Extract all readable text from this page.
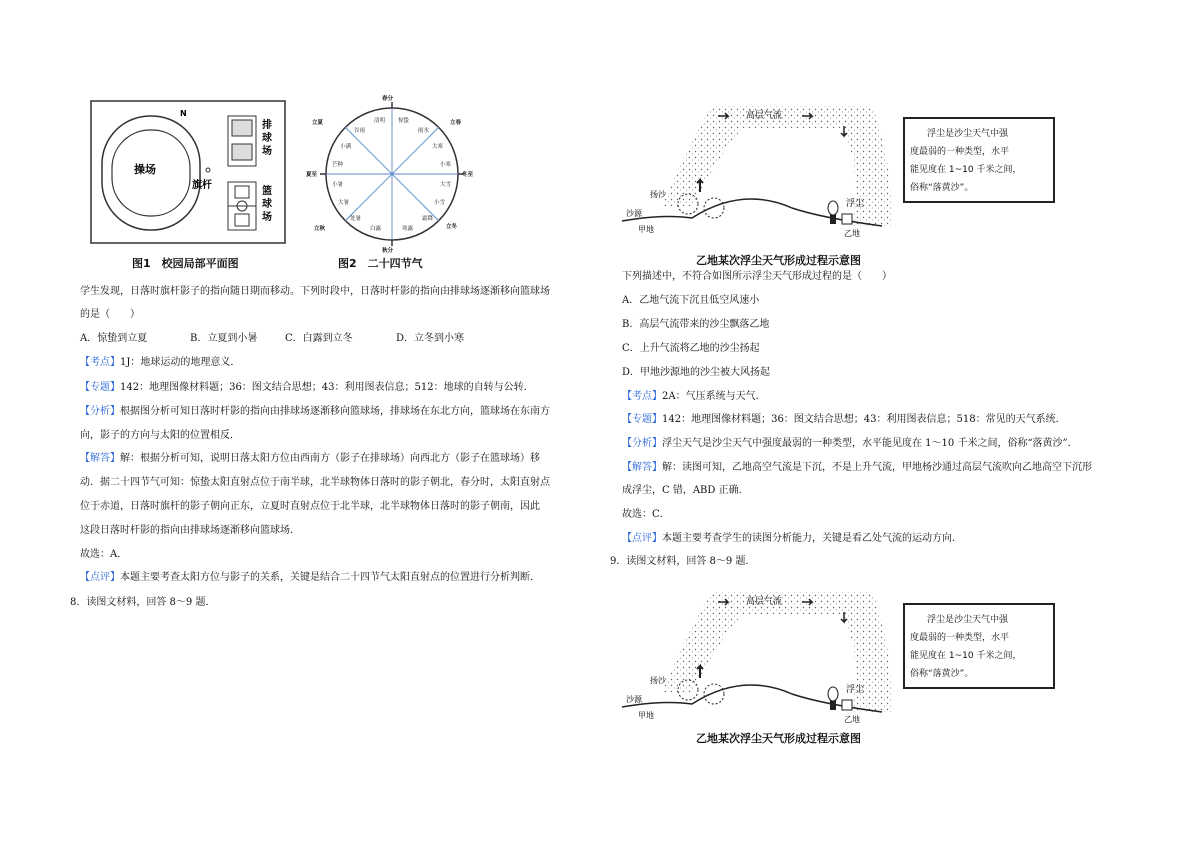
操场
N
旗杆
排球场
篮球场
图1　校园局部平面图
春分
立夏
夏至
立秋
秋分
立冬
冬至
立春
清明
谷雨
小满
芒种
小暑
大暑
处暑
白露	寒露
霜降
小雪
大雪
小寒
大寒
雨水
惊蛰
图2　二十四节气
学生发现，日落时旗杆影子的指向随日期而移动。下列时段中，日落时杆影的指向由排球场逐渐移向篮球场
的是（　　）
A．惊蛰到立夏	B．立夏到小暑	C．白露到立冬	D．立冬到小寒
【考点】1J：地球运动的地理意义．
【专题】142：地理图像材料题；36：图文结合思想；43：利用图表信息；512：地球的自转与公转．
【分析】根据图分析可知日落时杆影的指向由排球场逐渐移向篮球场，排球场在东北方向，篮球场在东南方
向，影子的方向与太阳的位置相反．
【解答】解：根据分析可知，说明日落太阳方位由西南方（影子在排球场）向西北方（影子在篮球场）移
动．据二十四节气可知：惊蛰太阳直射点位于南半球，北半球物体日落时的影子朝北，春分时，太阳直射点
位于赤道，日落时旗杆的影子朝向正东，立夏时直射点位于北半球，北半球物体日落时的影子朝南，因此
这段日落时杆影的指向由排球场逐渐移向篮球场．
故选：A．
【点评】本题主要考查太阳方位与影子的关系，关键是结合二十四节气太阳直射点的位置进行分析判断．
8．读图文材料，回答 8～9 题．
高层气流
扬沙
沙源
甲地
浮尘
乙地
浮尘是沙尘天气中强 度最弱的一种类型，水平 能见度在 1~10 千米之间， 俗称“落黄沙”。
乙地某次浮尘天气形成过程示意图
下列描述中，不符合如图所示浮尘天气形成过程的是（　　）
A．乙地气流下沉且低空风速小
B．高层气流带来的沙尘飘落乙地
C．上升气流将乙地的沙尘扬起
D．甲地沙源地的沙尘被大风扬起
【考点】2A：气压系统与天气．
【专题】142：地理图像材料题；36：图文结合思想；43：利用图表信息；518：常见的天气系统．
【分析】浮尘天气是沙尘天气中强度最弱的一种类型，水平能见度在 1～10 千米之间，俗称“落黄沙”．
【解答】解：读图可知，乙地高空气流是下沉，不是上升气流，甲地杨沙通过高层气流吹向乙地高空下沉形
成浮尘，C 错，ABD 正确．
故选：C．
【点评】本题主要考查学生的读图分析能力，关键是看乙处气流的运动方向．
9．读图文材料，回答 8～9 题．
高层气流
扬沙
沙源
甲地
浮尘
乙地
浮尘是沙尘天气中强 度最弱的一种类型，水平 能见度在 1~10 千米之间， 俗称“落黄沙”。
乙地某次浮尘天气形成过程示意图
